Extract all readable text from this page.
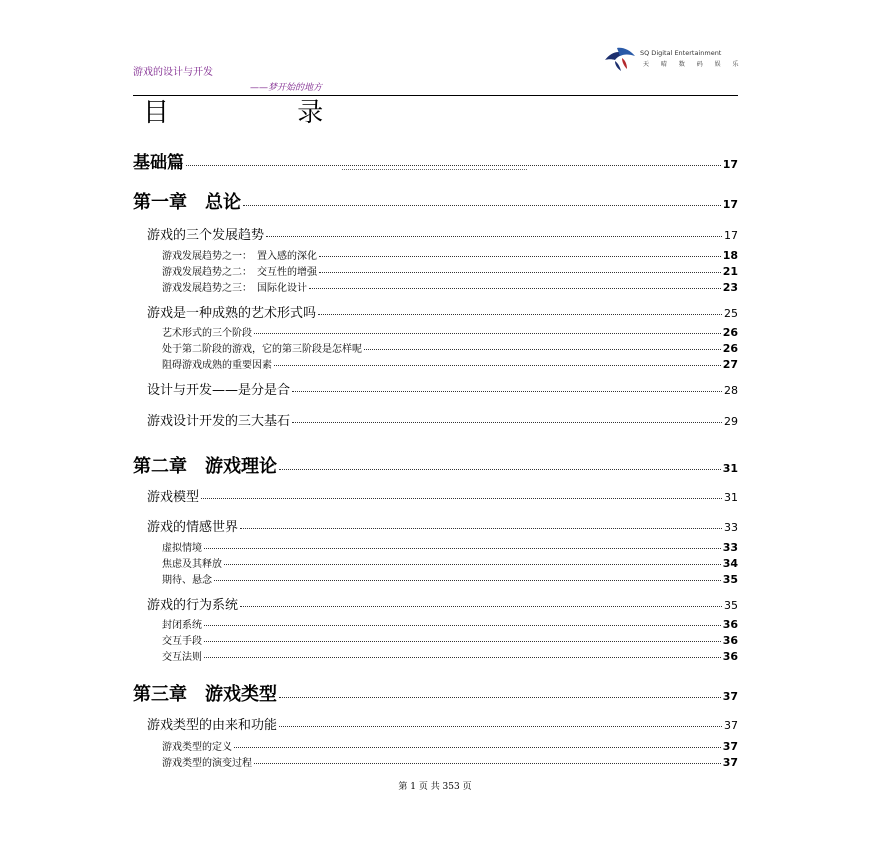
游戏的设计与开发
——梦开始的地方
SQ Digital Entertainment
天 晴 数 码 娱 乐
目 录
基础篇	17
第一章　总论	17
游戏的三个发展趋势	17
游戏发展趋势之一：　置入感的深化	18
游戏发展趋势之二：　交互性的增强	21
游戏发展趋势之三：　国际化设计	23
游戏是一种成熟的艺术形式吗	25
艺术形式的三个阶段	26
处于第二阶段的游戏，它的第三阶段是怎样呢	26
阻碍游戏成熟的重要因素	27
设计与开发——是分是合	28
游戏设计开发的三大基石	29
第二章　游戏理论	31
游戏模型	31
游戏的情感世界	33
虚拟情境	33
焦虑及其释放	34
期待、悬念	35
游戏的行为系统	35
封闭系统	36
交互手段	36
交互法则	36
第三章　游戏类型	37
游戏类型的由来和功能	37
游戏类型的定义	37
游戏类型的演变过程	37
第 1 页 共 353 页
